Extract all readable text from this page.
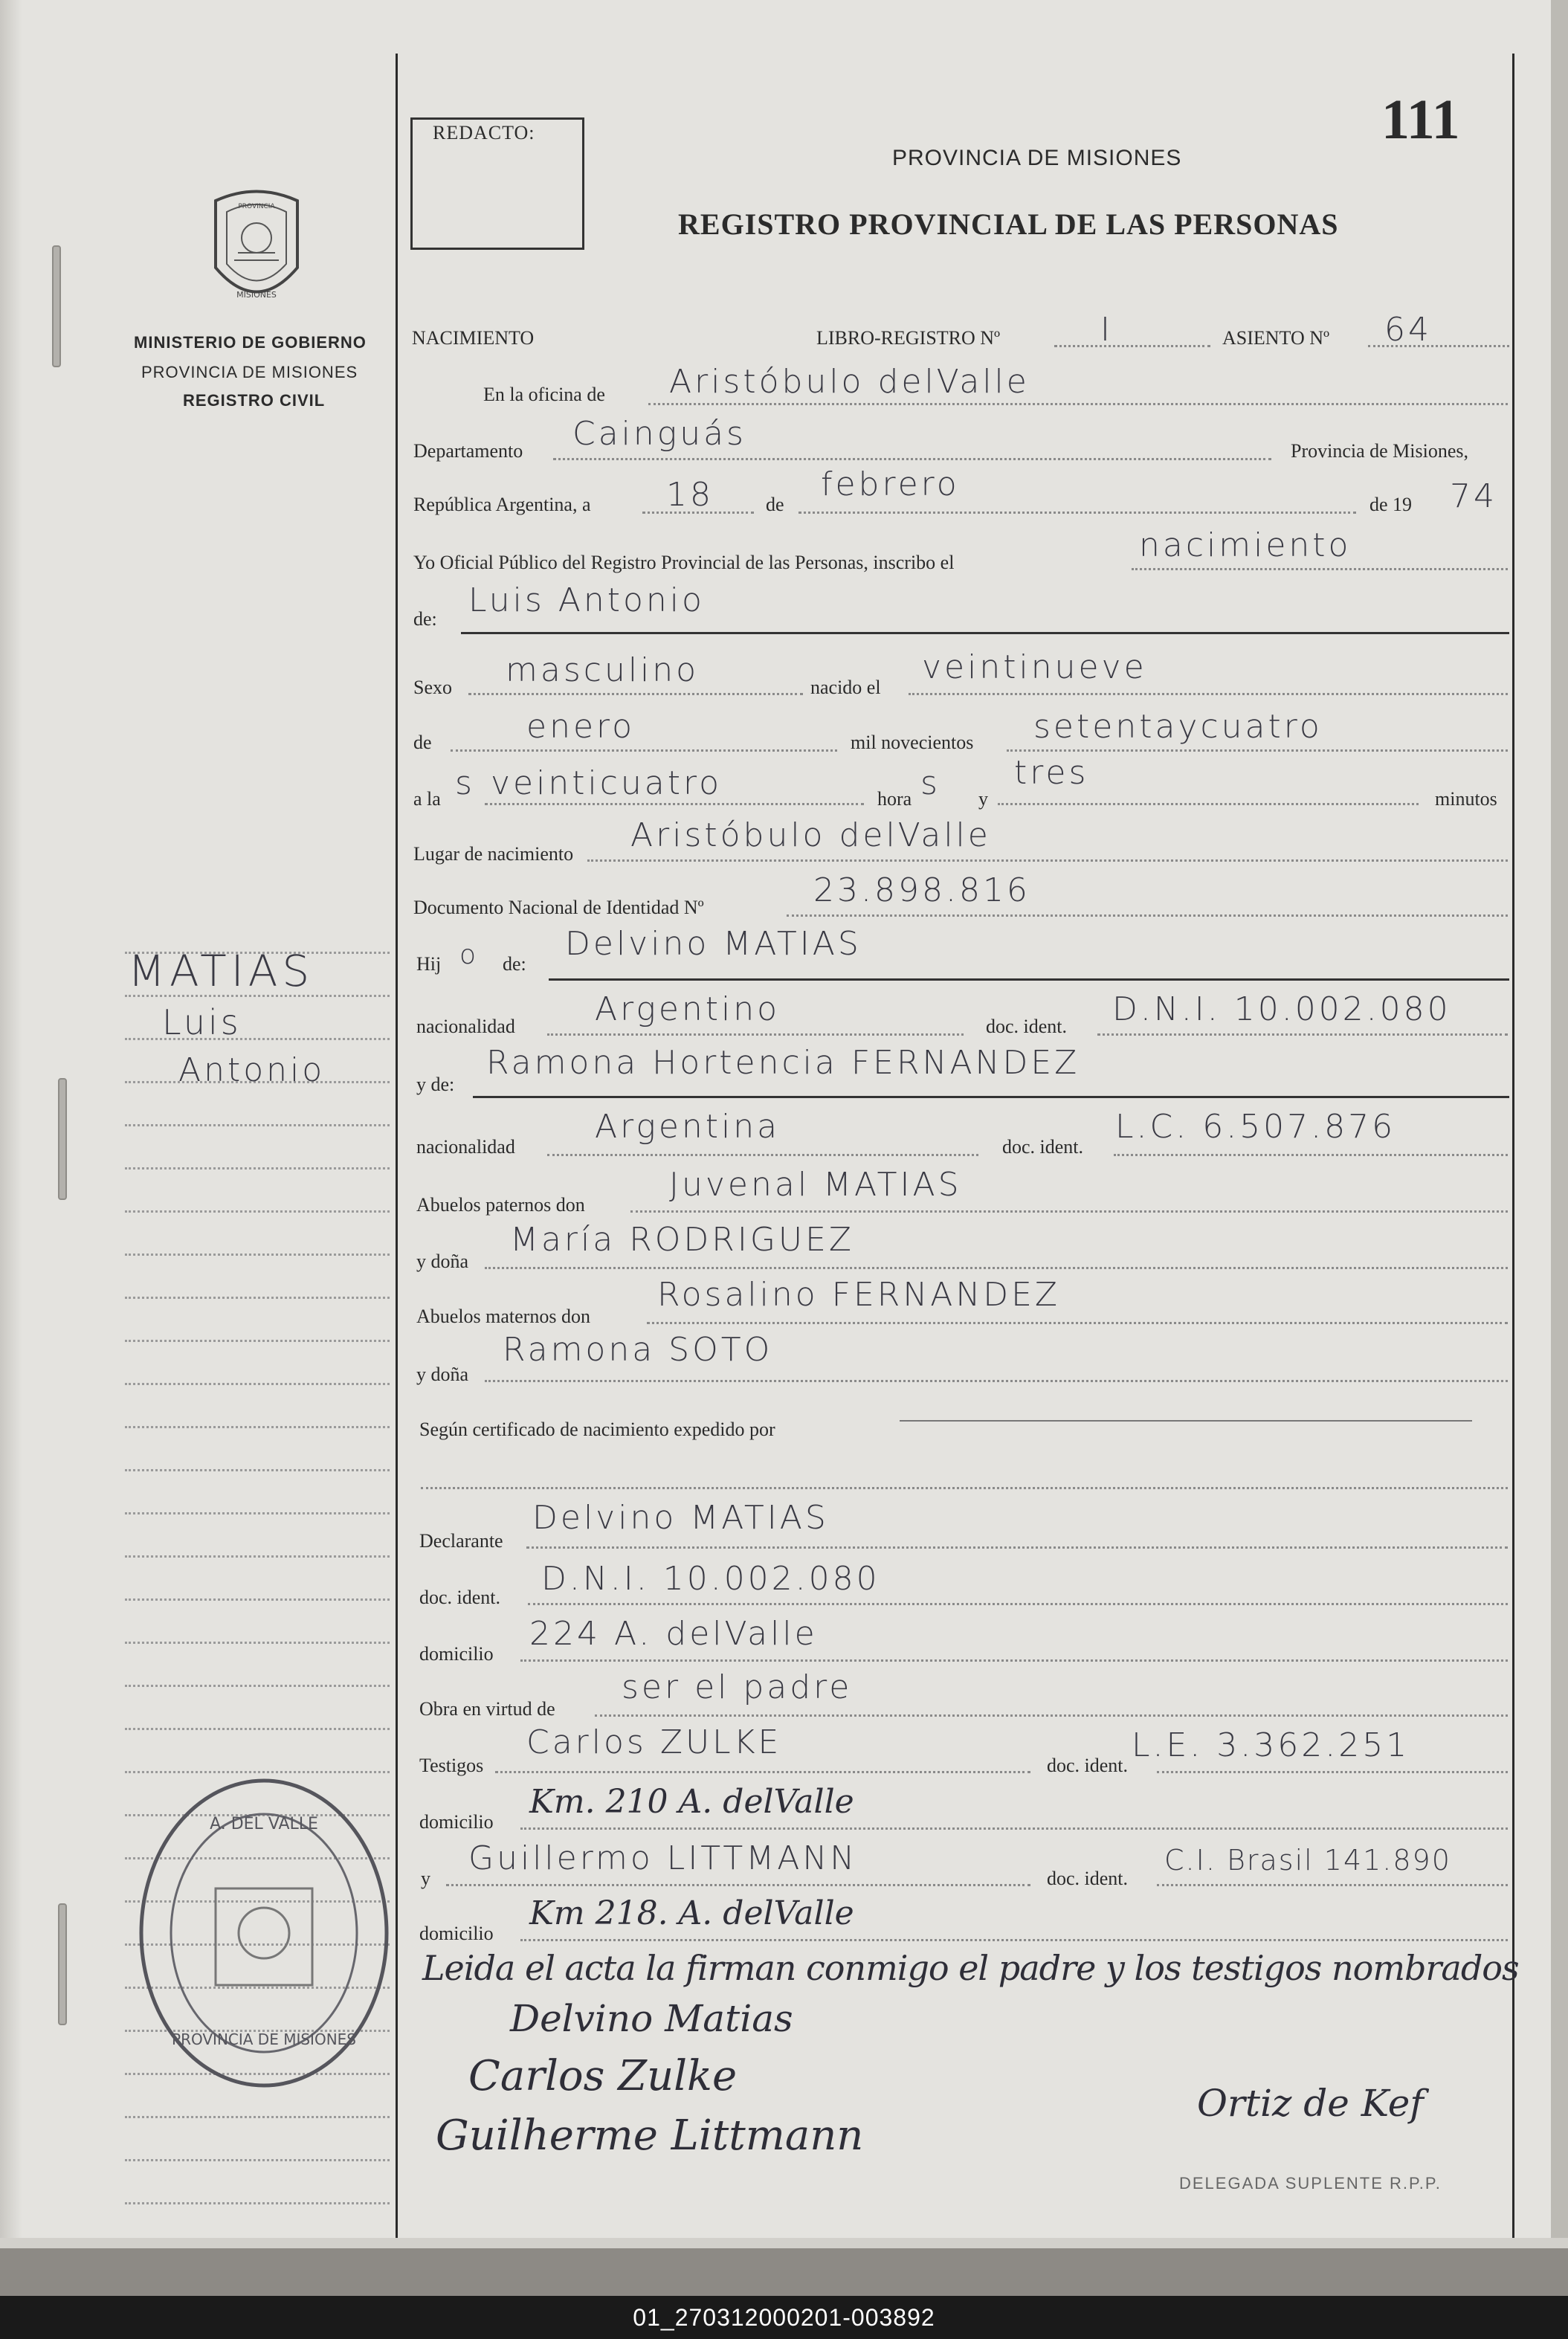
PROVINCIA
MISIONES
MINISTERIO DE GOBIERNO
PROVINCIA DE MISIONES
REGISTRO CIVIL
MATIAS
Luis
Antonio
A. DEL VALLE
PROVINCIA DE MISIONES
REDACTO:
PROVINCIA DE MISIONES
REGISTRO PROVINCIAL DE LAS PERSONAS
111
NACIMIENTO	LIBRO-REGISTRO Nº	I	ASIENTO Nº 64
En la oficina de Aristóbulo delValle
Departamento Cainguás	Provincia de Misiones,
República Argentina, a 18	de
febrero
de 19 74
Yo Oficial Público del Registro Provincial de las Personas, inscribo el	nacimiento
de: Luis Antonio
Sexo masculino	nacido el
veintinueve
de	enero	mil novecientos setentaycuatro
a la s veinticuatro	hora s y
tres
minutos
Lugar de nacimiento Aristóbulo delValle
Documento Nacional de Identidad Nº	23.898.816
Hij o de:
Delvino MATIAS
nacionalidad Argentino	doc. ident. D.N.I. 10.002.080
y de:
Ramona Hortencia FERNANDEZ
nacionalidad
Argentina
doc. ident.
L.C. 6.507.876
Abuelos paternos don
Juvenal MATIAS
y doña
María RODRIGUEZ
Abuelos maternos don
Rosalino FERNANDEZ
y doña
Ramona SOTO
Según certificado de nacimiento expedido por
Declarante
Delvino MATIAS
doc. ident. D.N.I. 10.002.080
domicilio
224 A. delValle
Obra en virtud de
ser el padre
Testigos
Carlos ZULKE
doc. ident.
L.E. 3.362.251
domicilio
Km. 210 A. delValle
y
Guillermo LITTMANN
doc. ident.
C.I. Brasil 141.890
domicilio
Km 218. A. delValle
Leida el acta la firman conmigo el padre y los testigos nombrados
Delvino Matias
Carlos Zulke
Guilherme Littmann
Ortiz de Kef
DELEGADA SUPLENTE R.P.P.
01_270312000201-003892
